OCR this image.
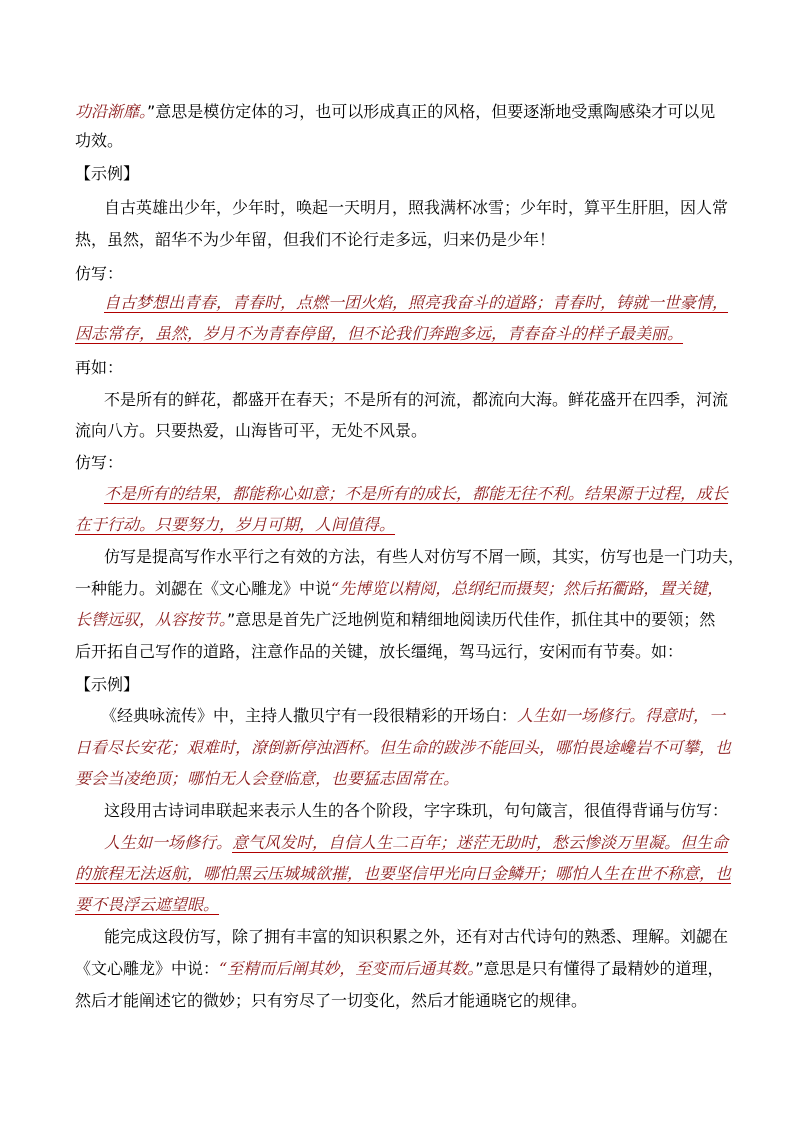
功沿渐靡。”意思是模仿定体的习，也可以形成真正的风格，但要逐渐地受熏陶感染才可以见
功效。
【示例】
自古英雄出少年，少年时，唤起一天明月，照我满杯冰雪；少年时，算平生肝胆，因人常
热，虽然，韶华不为少年留，但我们不论行走多远，归来仍是少年！
仿写：
自古梦想出青春，青春时，点燃一团火焰，照亮我奋斗的道路；青春时，铸就一世豪情，
因志常存，虽然，岁月不为青春停留，但不论我们奔跑多远，青春奋斗的样子最美丽。
再如：
不是所有的鲜花，都盛开在春天；不是所有的河流，都流向大海。鲜花盛开在四季，河流
流向八方。只要热爱，山海皆可平，无处不风景。
仿写：
不是所有的结果，都能称心如意；不是所有的成长，都能无往不利。结果源于过程，成长
在于行动。只要努力，岁月可期，人间值得。
仿写是提高写作水平行之有效的方法，有些人对仿写不屑一顾，其实，仿写也是一门功夫，
一种能力。刘勰在《文心雕龙》中说“先博览以精阅，总纲纪而摄契；然后拓衢路，置关键，
长辔远驭，从容按节。”意思是首先广泛地例览和精细地阅读历代佳作，抓住其中的要领；然
后开拓自己写作的道路，注意作品的关键，放长缰绳，驾马远行，安闲而有节奏。如：
【示例】
《经典咏流传》中，主持人撒贝宁有一段很精彩的开场白：人生如一场修行。得意时，一
日看尽长安花；艰难时，潦倒新停浊酒杯。但生命的跋涉不能回头，哪怕畏途巉岩不可攀，也
要会当凌绝顶；哪怕无人会登临意，也要猛志固常在。
这段用古诗词串联起来表示人生的各个阶段，字字珠玑，句句箴言，很值得背诵与仿写：
人生如一场修行。意气风发时，自信人生二百年；迷茫无助时，愁云惨淡万里凝。但生命
的旅程无法返航，哪怕黑云压城城欲摧，也要坚信甲光向日金鳞开；哪怕人生在世不称意，也
要不畏浮云遮望眼。
能完成这段仿写，除了拥有丰富的知识积累之外，还有对古代诗句的熟悉、理解。刘勰在
《文心雕龙》中说：“至精而后阐其妙，至变而后通其数。”意思是只有懂得了最精妙的道理，
然后才能阐述它的微妙；只有穷尽了一切变化，然后才能通晓它的规律。
